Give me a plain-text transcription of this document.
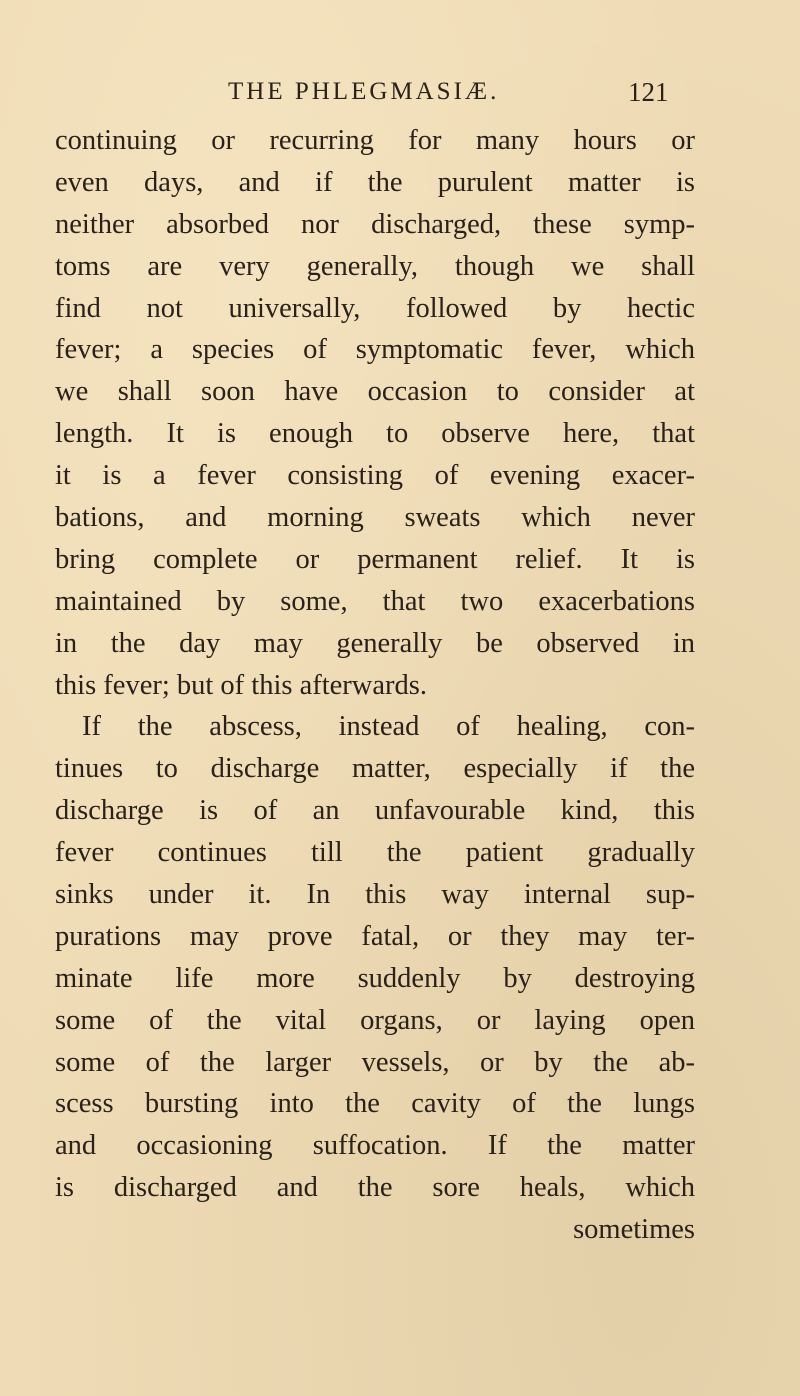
THE PHLEGMASIÆ.	121
continuing or recurring for many hours or
even days, and if the purulent matter is
neither absorbed nor discharged, these symp-
toms are very generally, though we shall
find not universally, followed by hectic
fever; a species of symptomatic fever, which
we shall soon have occasion to consider at
length. It is enough to observe here, that
it is a fever consisting of evening exacer-
bations, and morning sweats which never
bring complete or permanent relief. It is
maintained by some, that two exacerbations
in the day may generally be observed in
this fever; but of this afterwards.
If the abscess, instead of healing, con-
tinues to discharge matter, especially if the
discharge is of an unfavourable kind, this
fever continues till the patient gradually
sinks under it. In this way internal sup-
purations may prove fatal, or they may ter-
minate life more suddenly by destroying
some of the vital organs, or laying open
some of the larger vessels, or by the ab-
scess bursting into the cavity of the lungs
and occasioning suffocation. If the matter
is discharged and the sore heals, which
sometimes
